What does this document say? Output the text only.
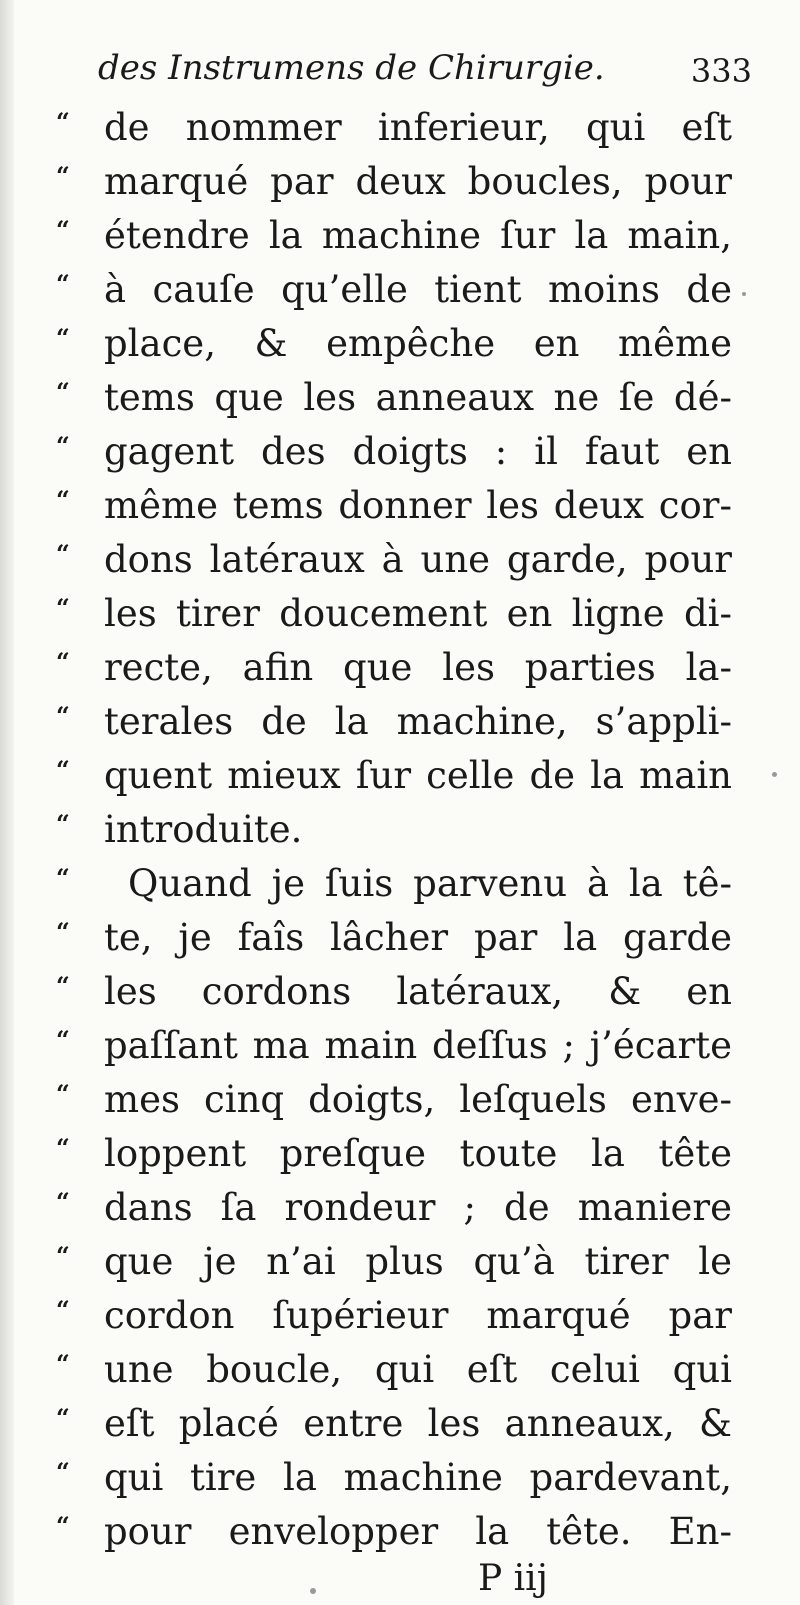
des Instrumens de Chirurgie.	333
“ de nommer inferieur, qui eſt
“ marqué par deux boucles, pour
“ étendre la machine ſur la main,
“ à cauſe qu’elle tient moins de
“ place, & empêche en même
“ tems que les anneaux ne ſe dé-
“ gagent des doigts : il faut en
“ même tems donner les deux cor-
“ dons latéraux à une garde, pour
“ les tirer doucement en ligne di-
“ recte, afin que les parties la-
“ terales de la machine, s’appli-
“ quent mieux ſur celle de la main
“ introduite.
“	Quand je ſuis parvenu à la tê-
“ te, je faîs lâcher par la garde
“ les cordons latéraux, & en
“ paſſant ma main deſſus ; j’écarte
“ mes cinq doigts, leſquels enve-
“ loppent preſque toute la tête
“ dans ſa rondeur ; de maniere
“ que je n’ai plus qu’à tirer le
“ cordon ſupérieur marqué par
“ une boucle, qui eſt celui qui
“ eſt placé entre les anneaux, &
“ qui tire la machine pardevant,
“ pour envelopper la tête. En-
P iij
